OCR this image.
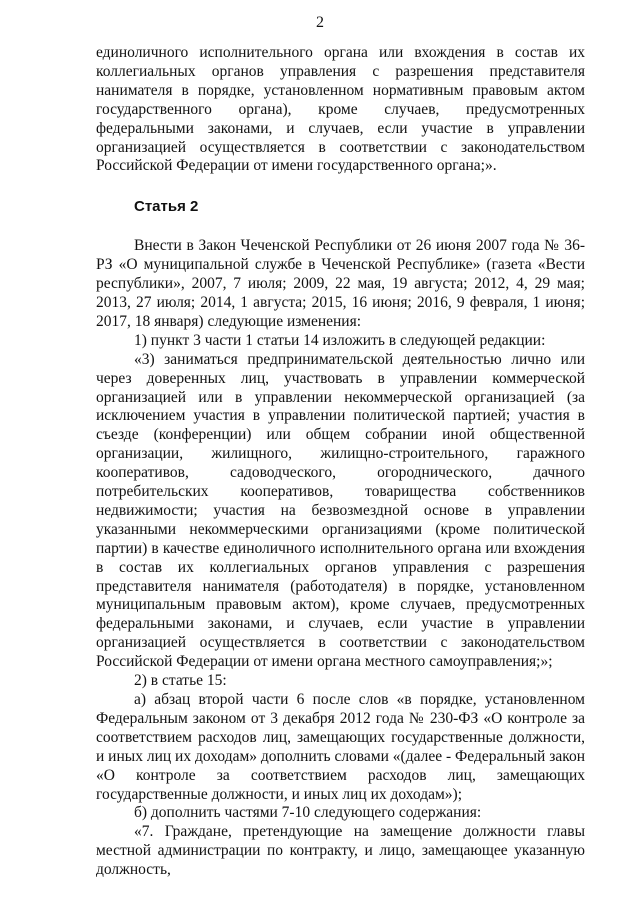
2

единоличного исполнительного органа или вхождения в состав их коллегиальных органов управления с разрешения представителя нанимателя в порядке, установленном нормативным правовым актом государственного органа), кроме случаев, предусмотренных федеральными законами, и случаев, если участие в управлении организацией осуществляется в соответствии с законодательством Российской Федерации от имени государственного органа;».

Статья 2

Внести в Закон Чеченской Республики от 26 июня 2007 года № 36-РЗ «О муниципальной службе в Чеченской Республике» (газета «Вести республики», 2007, 7 июля; 2009, 22 мая, 19 августа; 2012, 4, 29 мая; 2013, 27 июля; 2014, 1 августа; 2015, 16 июня; 2016, 9 февраля, 1 июня; 2017, 18 января) следующие изменения:

1) пункт 3 части 1 статьи 14 изложить в следующей редакции:

«3) заниматься предпринимательской деятельностью лично или через доверенных лиц, участвовать в управлении коммерческой организацией или в управлении некоммерческой организацией (за исключением участия в управлении политической партией; участия в съезде (конференции) или общем собрании иной общественной организации, жилищного, жилищно-строительного, гаражного кооперативов, садоводческого, огороднического, дачного потребительских кооперативов, товарищества собственников недвижимости; участия на безвозмездной основе в управлении указанными некоммерческими организациями (кроме политической партии) в качестве единоличного исполнительного органа или вхождения в состав их коллегиальных органов управления с разрешения представителя нанимателя (работодателя) в порядке, установленном муниципальным правовым актом), кроме случаев, предусмотренных федеральными законами, и случаев, если участие в управлении организацией осуществляется в соответствии с законодательством Российской Федерации от имени органа местного самоуправления;»;

2) в статье 15:

а) абзац второй части 6 после слов «в порядке, установленном Федеральным законом от 3 декабря 2012 года № 230-ФЗ «О контроле за соответствием расходов лиц, замещающих государственные должности, и иных лиц их доходам» дополнить словами «(далее - Федеральный закон «О контроле за соответствием расходов лиц, замещающих государственные должности, и иных лиц их доходам»);

б) дополнить частями 7-10 следующего содержания:

«7. Граждане, претендующие на замещение должности главы местной администрации по контракту, и лицо, замещающее указанную должность,
